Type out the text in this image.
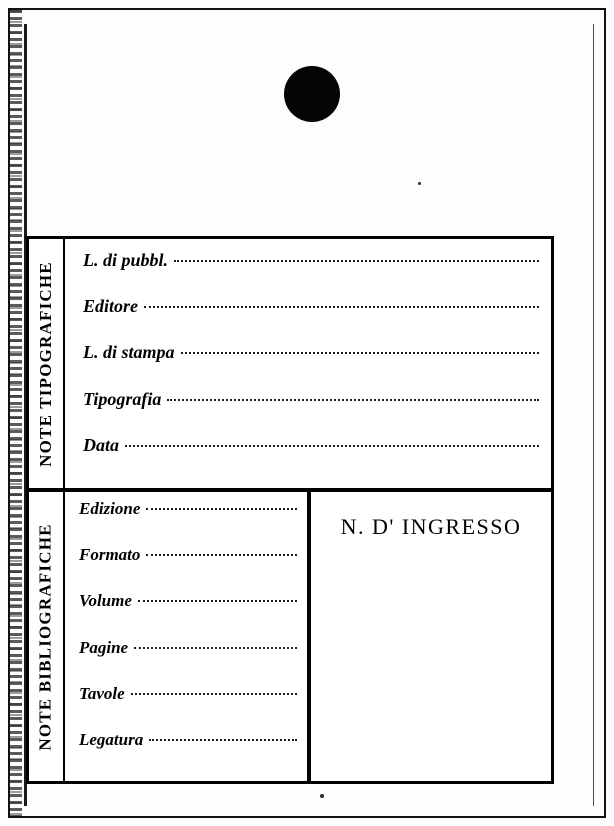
NOTE TIPOGRAFICHE
L. di pubbl.
Editore
L. di stampa
Tipografia
Data
NOTE BIBLIOGRAFICHE
Edizione
Formato
Volume
Pagine
Tavole
Legatura
N. D' INGRESSO
